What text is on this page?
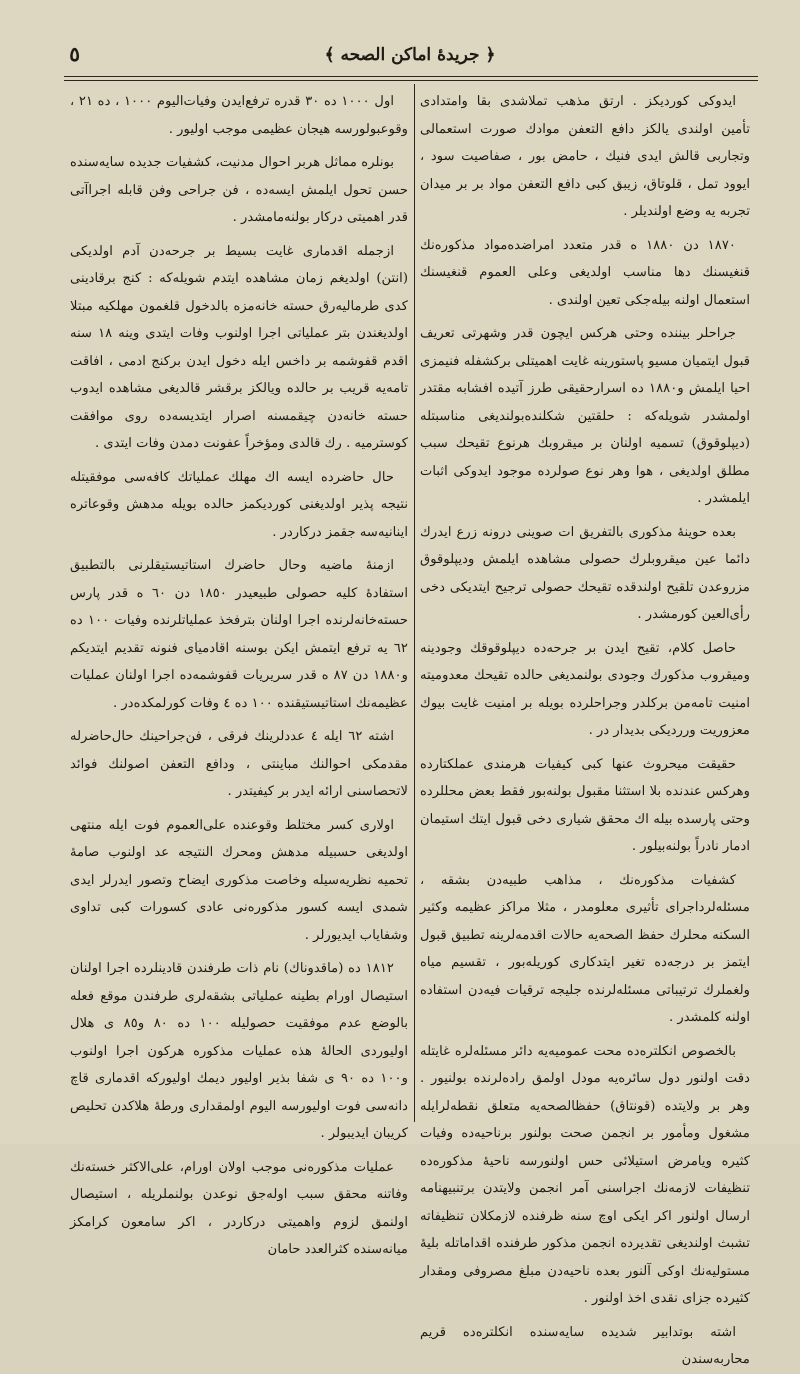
﴿ جریدهٔ اماکن الصحه ﴾
٥

ایدوکی کوردیکز . ارتق مذهب تملاشدی بقا وامتدادی تأمین اولندی یالکز دافع التعفن موادك صورت استعمالی وتجاربی قالش ایدی فنیك ، حامض بور ، صفاصیت سود ، ایوود تمل ، قلوتاق، زیبق کبی دافع التعفن مواد بر بر میدان تجربه یه وضع اولندیلر .

١٨٧٠ دن ١٨٨٠ ه قدر متعدد امراضده‌مواد مذکوره‌نك قنغیسنك دها مناسب اولدیغی وعلی العموم قنغیسنك استعمال اولنه بیله‌جکی تعین اولندی .

جراحلر بیننده وحتی هرکس ایچون قدر وشهرتی تعریف قبول ایتمیان مسیو پاستورینه غایت اهمیتلی برکشفله فنیمزی احیا ایلمش و١٨٨٠ ده اسرارحقیقی طرز آتیده افشابه مقتدر اولمشدر شویله‌که : حلقتین شکلنده‌بولندیغی مناسبتله (دیپلوقوق) تسمیه اولنان بر میقروبك هرنوع تقیحك سبب مطلق اولدیغی ، هوا وهر نوع صولرده موجود ایدوکی اثبات ایلمشدر .

بعده حوینهٔ مذکوری بالتفریق ات صوینی درونه زرع ایدرك دائما عین میقروبلرك حصولی مشاهده ایلمش ودیپلوقوق مزروعدن تلقیح اولندقده تقیحك حصولی ترجیح ایتدیکی دخی رأی‌العین کورمشدر .

حاصل کلام، تقیح ایدن بر جرحه‌ده دیپلوقوقك وجودینه ومیقروب مذکورك وجودی بولنمدیغی حالده تقیحك معدومیته امنیت تامه‌من برکلدر وجراحلرده بویله بر امنیت غایت بیوك معزوریت ورردیکی بدیدار در .

حقیقت میحروث عنها کبی کیفیات هرمندی عملکتارده وهرکس عندنده بلا استثنا مقبول بولنه‌بور فقط بعض محللرده وحتی پارسده بیله اك محقق شیاری دخی قبول ایتك استیمان ادمار نادراً بولنه‌بیلور .

کشفیات مذکوره‌نك ، مذاهب طبیه‌دن بشقه ، مسئله‌لرداجرای تأثیری معلومدر ، مثلا مراکز عظیمه وکثیر السکنه محلرك حفظ الصحه‌یه حالات اقدمه‌لرینه تطبیق قبول ایتمز بر درجه‌ده تغیر ایتدکاری کوریله‌بور ، تقسیم میاه ولغملرك ترتیباتی مسئله‌لرنده جلیجه ترقیات فیه‌دن استفاده اولنه کلمشدر .

بالخصوص انکلتره‌ده محت عمومیه‌یه دائر مسئله‌لره غایتله دقت اولنور دول سائره‌یه مودل اولمق راده‌لرنده بولنیور . وهر بر ولایتده (قونتاق) حفظالصحه‌یه متعلق نقطه‌لرایله مشغول ومأمور بر انجمن صحت بولنور برناحیه‌ده وفیات کثیره ویامرض استیلائی حس اولنورسه ناحیهٔ مذکوره‌ده تنظیفات لازمه‌نك اجراسنی آمر انجمن ولایتدن برتنبیهنامه ارسال اولنور اکر ایکی اوچ سنه ظرفنده لازمکلان تنظیفاته تشبث اولندیغی تقدیرده انجمن مذکور طرفنده اقداماتله بلیهٔ مستولیه‌نك اوکی آلنور بعده ناحیه‌دن مبلغ مصروفی ومقدار کثیرده جزای نقدی اخذ اولنور .

اشته بوتدابیر شدیده سایه‌سنده انکلتره‌ده قریم محاربه‌سندن

اول ١٠٠٠ ده ٣٠ قدره ترفع‌ایدن وفیات‌الیوم ١٠٠٠ ، ده ٢١ ، وقوعبولورسه هیجان عظیمی موجب اولیور .

بونلره مماثل هربر احوال مدنیت، کشفیات جدیده سایه‌سنده حسن تحول ایلمش ایسه‌ده ، فن جراحی وفن قابله اجراآتی قدر اهمیتی درکار بولنه‌مامشدر .

ازجمله اقدماری غایت بسیط بر جرحه‌دن آدم اولدیکی (انتن) اولدیغم زمان مشاهده ایتدم شویله‌که : کنج برقادینی کدی طرمالیه‌رق حسته خانه‌مزه بالدخول قلغمون مهلکیه مبتلا اولدیغندن بتر عملیاتی اجرا اولنوب وفات ایتدی وینه ١٨ سنه اقدم قفوشمه بر داخس ایله دخول ایدن برکنج ادمی ، افاقت تامه‌یه قریب بر حالده ویالکز برقشر قالدیغی مشاهده ایدوب حسته خانه‌دن چیقمسنه اصرار ایتدیسه‌ده روی موافقت کوسترمیه . رك قالدی ومؤخراً عفونت دمدن وفات ایتدی .

حال حاضرده ایسه اك مهلك عملیاتك کافه‌سی موفقیتله نتیجه پذیر اولدیغنی کوردیکمز حالده بویله مدهش وقوعاتره اینانیه‌سه جقمز درکاردر .

ازمنهٔ ماضیه وحال حاضرك استاتیستیقلرنی بالتطبیق استفادهٔ کلیه حصولی طبیعیدر ١٨٥٠ دن ٦٠ ه قدر پارس حسته‌خانه‌لرنده اجرا اولنان بترفخذ عملیاتلرنده وفیات ١٠٠ ده ٦٢ یه ترفع ایتمش ایکن بوسنه اقادمیای فنونه تقدیم ایتدیکم و١٨٨٠ دن ٨٧ ه قدر سریریات قفوشمه‌ده اجرا اولنان عملیات عظیمه‌نك استاتیستیقنده ١٠٠ ده ٤ وفات کورلمکده‌در .

اشته ٦٢ ایله ٤ عددلرینك فرقی ، فن‌جراحینك حال‌حاضرله مقدمکی احوالنك مباینتی ، ودافع التعفن اصولنك فوائد لاتحصاسنی ارائه ایدر بر کیفیتدر .

اولاری کسر مختلط وقوعنده علی‌العموم فوت ایله منتهی اولدیغی حسبیله مدهش ومحرك النتیجه عد اولنوب صامهٔ تحمیه نظریه‌سیله وخاصت مذکوری ایضاح وتصور ایدرلر ایدی شمدی ایسه کسور مذکوره‌نی عادی کسورات کبی تداوی وشفایاب ایدیورلر .

١٨١٢ ده (ماقدوناك) نام ذات طرفندن قادینلرده اجرا اولنان استیصال اورام بطینه عملیاتی بشقه‌لری طرفندن موقع فعله بالوضع عدم موفقیت حصولیله ١٠٠ ده ٨٠ و٨٥ ی هلال اولیوردی الحالهٔ هذه عملیات مذکوره هرکون اجرا اولنوب و١٠٠ ده ٩٠ ی شفا بذیر اولیور دیمك اولیورکه اقدماری قاچ دانه‌سی فوت اولیورسه الیوم اولمقداری ورطهٔ هلاکدن تحلیص کریبان ایدیبولر .

عملیات مذکوره‌نی موجب اولان اورام، علی‌الاکثر خسته‌نك وفاتنه محقق سبب اوله‌جق نوعدن بولنملریله ، استیصال اولنمق لزوم واهمیتی درکاردر ، اکر سامعون کرامکز میانه‌سنده کثرالعدد حامان
